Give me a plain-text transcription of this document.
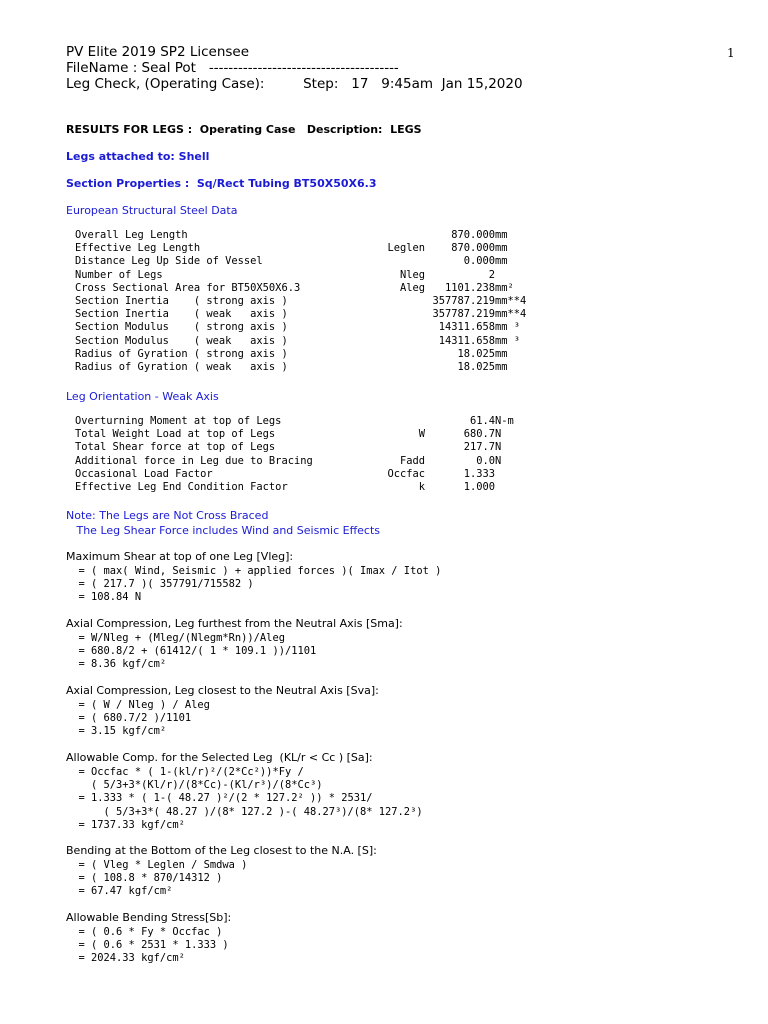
1
PV Elite 2019 SP2 Licensee
FileName : Seal Pot   ---------------------------------------
Leg Check, (Operating Case):         Step:   17   9:45am  Jan 15,2020
RESULTS FOR LEGS :  Operating Case   Description:  LEGS
Legs attached to: Shell
Section Properties :  Sq/Rect Tubing BT50X50X6.3
European Structural Steel Data
Overall Leg Length	870.000 mm
Effective Leg Length	Leglen	870.000 mm
Distance Leg Up Side of Vessel	0.000 mm
Number of Legs	Nleg	2
Cross Sectional Area for BT50X50X6.3	Aleg 1101.238 mm²
Section Inertia    ( strong axis )	357787.219 mm**4
Section Inertia    ( weak   axis )	357787.219 mm**4
Section Modulus    ( strong axis )	14311.658 mm ³
Section Modulus    ( weak   axis )	14311.658 mm ³
Radius of Gyration ( strong axis )	18.025 mm
Radius of Gyration ( weak   axis )	18.025 mm
Leg Orientation - Weak Axis
Overturning Moment at top of Legs	61.4 N-m
Total Weight Load at top of Legs	W	680.7 N
Total Shear force at top of Legs	217.7 N
Additional force in Leg due to Bracing	Fadd	0.0 N
Occasional Load Factor	Occfac	1.333
Effective Leg End Condition Factor	k	1.000
Note: The Legs are Not Cross Braced
The Leg Shear Force includes Wind and Seismic Effects
Maximum Shear at top of one Leg [Vleg]:
= ( max( Wind, Seismic ) + applied forces )( Imax / Itot )
= ( 217.7 )( 357791/715582 )
= 108.84 N
Axial Compression, Leg furthest from the Neutral Axis [Sma]:
= W/Nleg + (Mleg/(Nlegm*Rn))/Aleg
= 680.8/2 + (61412/( 1 * 109.1 ))/1101
= 8.36 kgf/cm²
Axial Compression, Leg closest to the Neutral Axis [Sva]:
= ( W / Nleg ) / Aleg
= ( 680.7/2 )/1101
= 3.15 kgf/cm²
Allowable Comp. for the Selected Leg  (KL/r < Cc ) [Sa]:
= Occfac * ( 1-(kl/r)²/(2*Cc²))*Fy /
( 5/3+3*(Kl/r)/(8*Cc)-(Kl/r³)/(8*Cc³)
= 1.333 * ( 1-( 48.27 )²/(2 * 127.2² )) * 2531/
( 5/3+3*( 48.27 )/(8* 127.2 )-( 48.27³)/(8* 127.2³)
= 1737.33 kgf/cm²
Bending at the Bottom of the Leg closest to the N.A. [S]:
= ( Vleg * Leglen / Smdwa )
= ( 108.8 * 870/14312 )
= 67.47 kgf/cm²
Allowable Bending Stress[Sb]:
= ( 0.6 * Fy * Occfac )
= ( 0.6 * 2531 * 1.333 )
= 2024.33 kgf/cm²
